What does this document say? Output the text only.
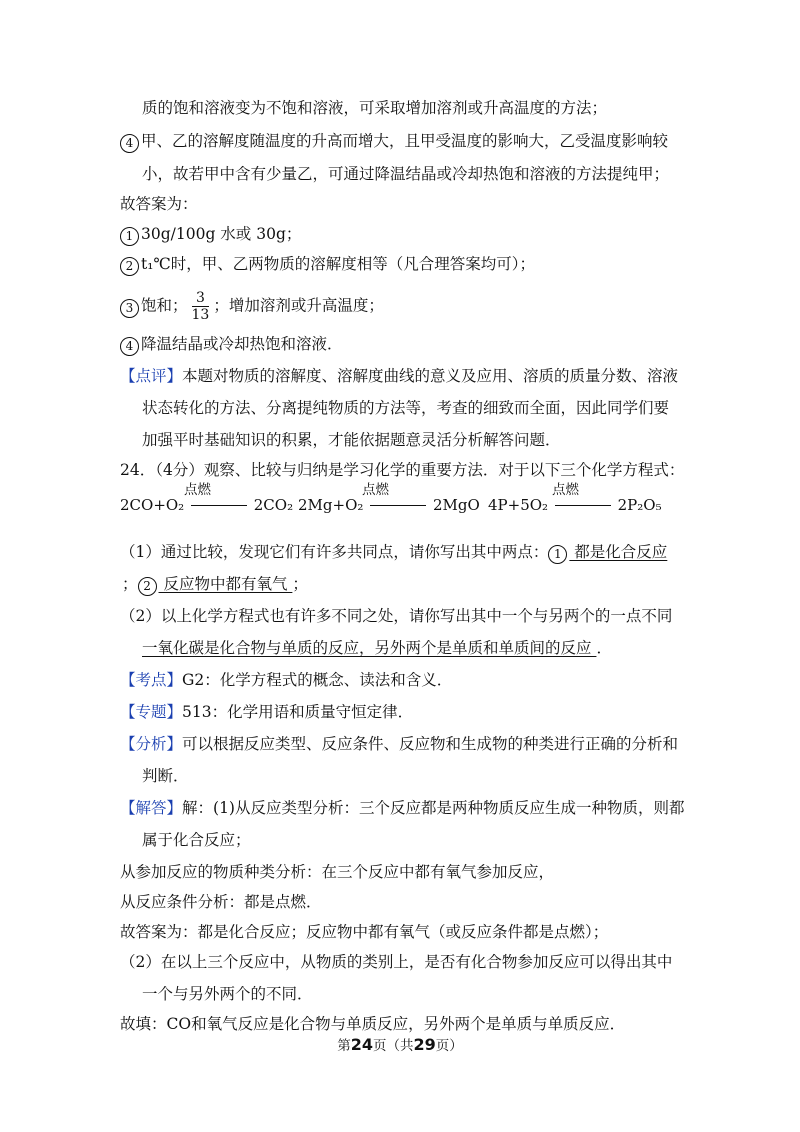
质的饱和溶液变为不饱和溶液，可采取增加溶剂或升高温度的方法；
4 甲、乙的溶解度随温度的升高而增大，且甲受温度的影响大，乙受温度影响较
小，故若甲中含有少量乙，可通过降温结晶或冷却热饱和溶液的方法提纯甲；
故答案为：
1 30g/100g 水或 30g；
2 t₁℃时，甲、乙两物质的溶解度相等（凡合理答案均可）；
3 饱和； $\frac{3}{13}$ ；增加溶剂或升高温度；
4 降温结晶或冷却热饱和溶液．
【点评】本题对物质的溶解度、溶解度曲线的意义及应用、溶质的质量分数、溶液
状态转化的方法、分离提纯物质的方法等，考查的细致而全面，因此同学们要
加强平时基础知识的积累，才能依据题意灵活分析解答问题．
24．（4分）观察、比较与归纳是学习化学的重要方法．对于以下三个化学方程式：
2CO+O₂
点燃
2CO₂ 2Mg+O₂
点燃
2MgO 4P+5O₂
点燃
2P₂O₅
（1）通过比较，发现它们有许多共同点，请你写出其中两点： 1 都是化合反应
； 2 反应物中都有氧气 ；
（2）以上化学方程式也有许多不同之处，请你写出其中一个与另两个的一点不同
一氧化碳是化合物与单质的反应，另外两个是单质和单质间的反应 ．
【考点】G2：化学方程式的概念、读法和含义．
【专题】513：化学用语和质量守恒定律．
【分析】可以根据反应类型、反应条件、反应物和生成物的种类进行正确的分析和
判断．
【解答】解：(1)从反应类型分析：三个反应都是两种物质反应生成一种物质，则都
属于化合反应；
从参加反应的物质种类分析：在三个反应中都有氧气参加反应，
从反应条件分析：都是点燃．
故答案为：都是化合反应；反应物中都有氧气（或反应条件都是点燃）；
（2）在以上三个反应中，从物质的类别上，是否有化合物参加反应可以得出其中
一个与另外两个的不同．
故填：CO和氧气反应是化合物与单质反应，另外两个是单质与单质反应．
第24页（共29页）
